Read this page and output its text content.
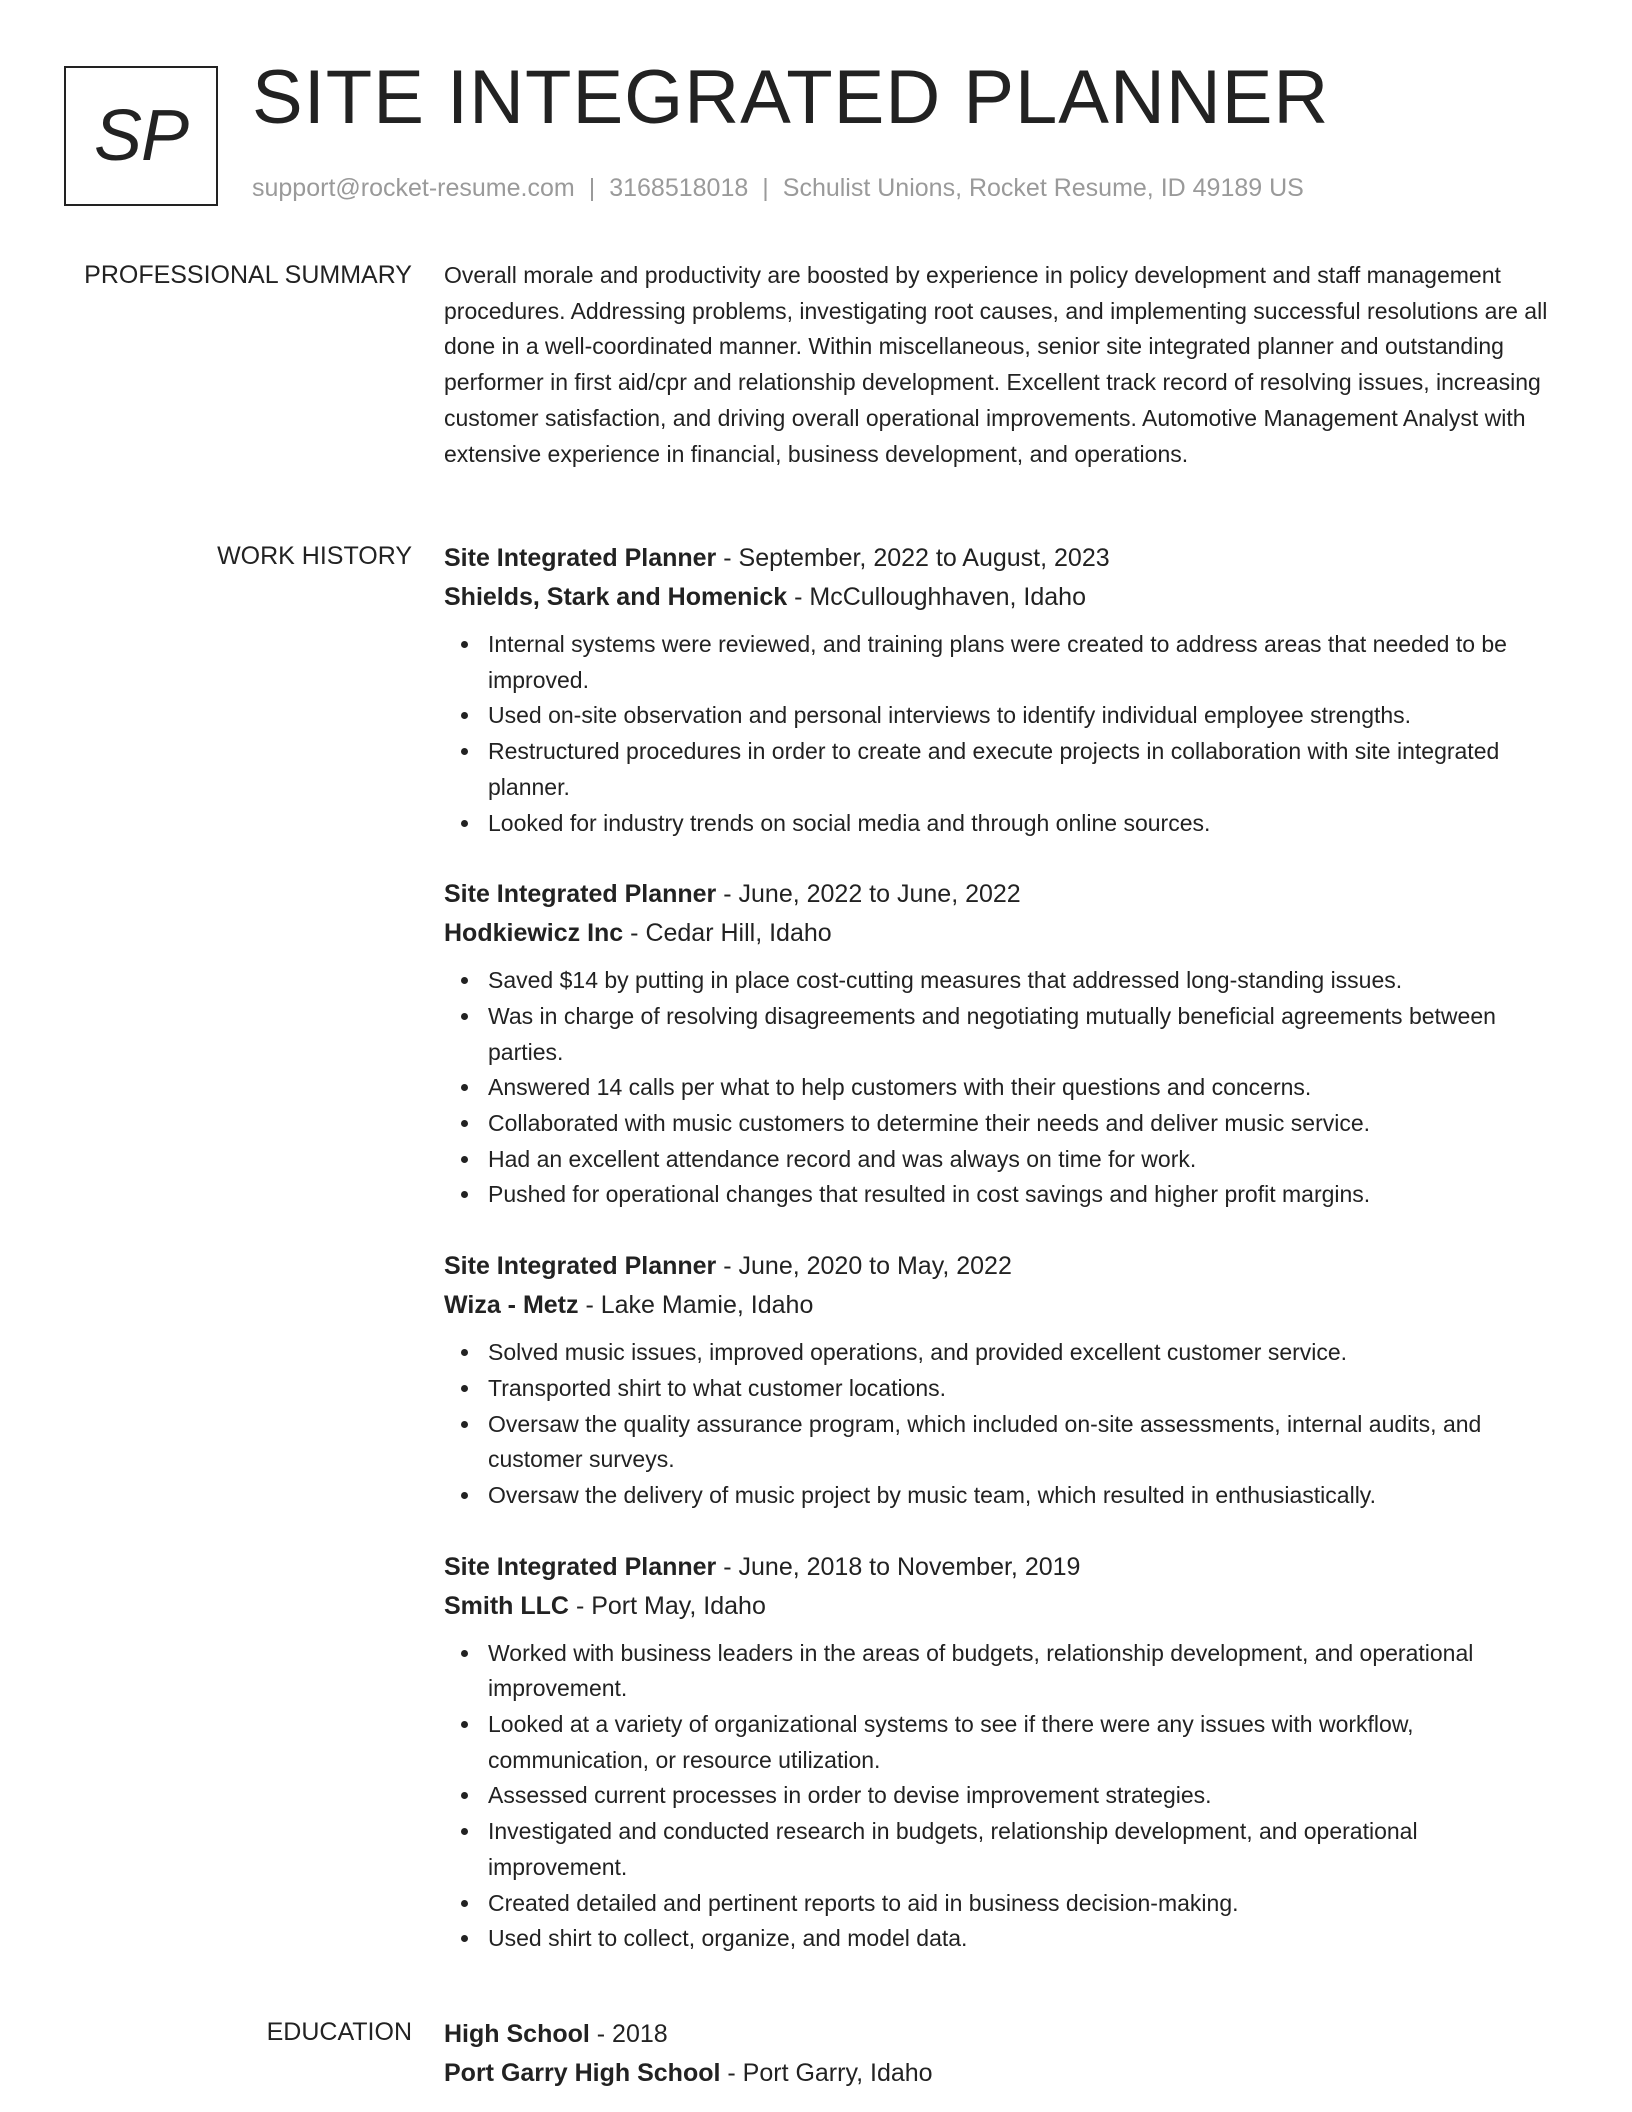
SP SITE INTEGRATED PLANNER
support@rocket-resume.com | 3168518018 | Schulist Unions, Rocket Resume, ID 49189 US
PROFESSIONAL SUMMARY Overall morale and productivity are boosted by experience in policy development and staff management procedures. Addressing problems, investigating root causes, and implementing successful resolutions are all done in a well-coordinated manner. Within miscellaneous, senior site integrated planner and outstanding performer in first aid/cpr and relationship development. Excellent track record of resolving issues, increasing customer satisfaction, and driving overall operational improvements. Automotive Management Analyst with extensive experience in financial, business development, and operations.

WORK HISTORY Site Integrated Planner - September, 2022 to August, 2023
Shields, Stark and Homenick - McCulloughhaven, Idaho
Internal systems were reviewed, and training plans were created to address areas that needed to be improved.
Used on-site observation and personal interviews to identify individual employee strengths.
Restructured procedures in order to create and execute projects in collaboration with site integrated planner.
Looked for industry trends on social media and through online sources.
Site Integrated Planner - June, 2022 to June, 2022
Hodkiewicz Inc - Cedar Hill, Idaho
Saved $14 by putting in place cost-cutting measures that addressed long-standing issues.
Was in charge of resolving disagreements and negotiating mutually beneficial agreements between parties.
Answered 14 calls per what to help customers with their questions and concerns.
Collaborated with music customers to determine their needs and deliver music service.
Had an excellent attendance record and was always on time for work.
Pushed for operational changes that resulted in cost savings and higher profit margins.
Site Integrated Planner - June, 2020 to May, 2022
Wiza - Metz - Lake Mamie, Idaho
Solved music issues, improved operations, and provided excellent customer service.
Transported shirt to what customer locations.
Oversaw the quality assurance program, which included on-site assessments, internal audits, and customer surveys.
Oversaw the delivery of music project by music team, which resulted in enthusiastically.
Site Integrated Planner - June, 2018 to November, 2019
Smith LLC - Port May, Idaho
Worked with business leaders in the areas of budgets, relationship development, and operational improvement.
Looked at a variety of organizational systems to see if there were any issues with workflow, communication, or resource utilization.
Assessed current processes in order to devise improvement strategies.
Investigated and conducted research in budgets, relationship development, and operational improvement.
Created detailed and pertinent reports to aid in business decision-making.
Used shirt to collect, organize, and model data.
EDUCATION High School - 2018
Port Garry High School - Port Garry, Idaho
